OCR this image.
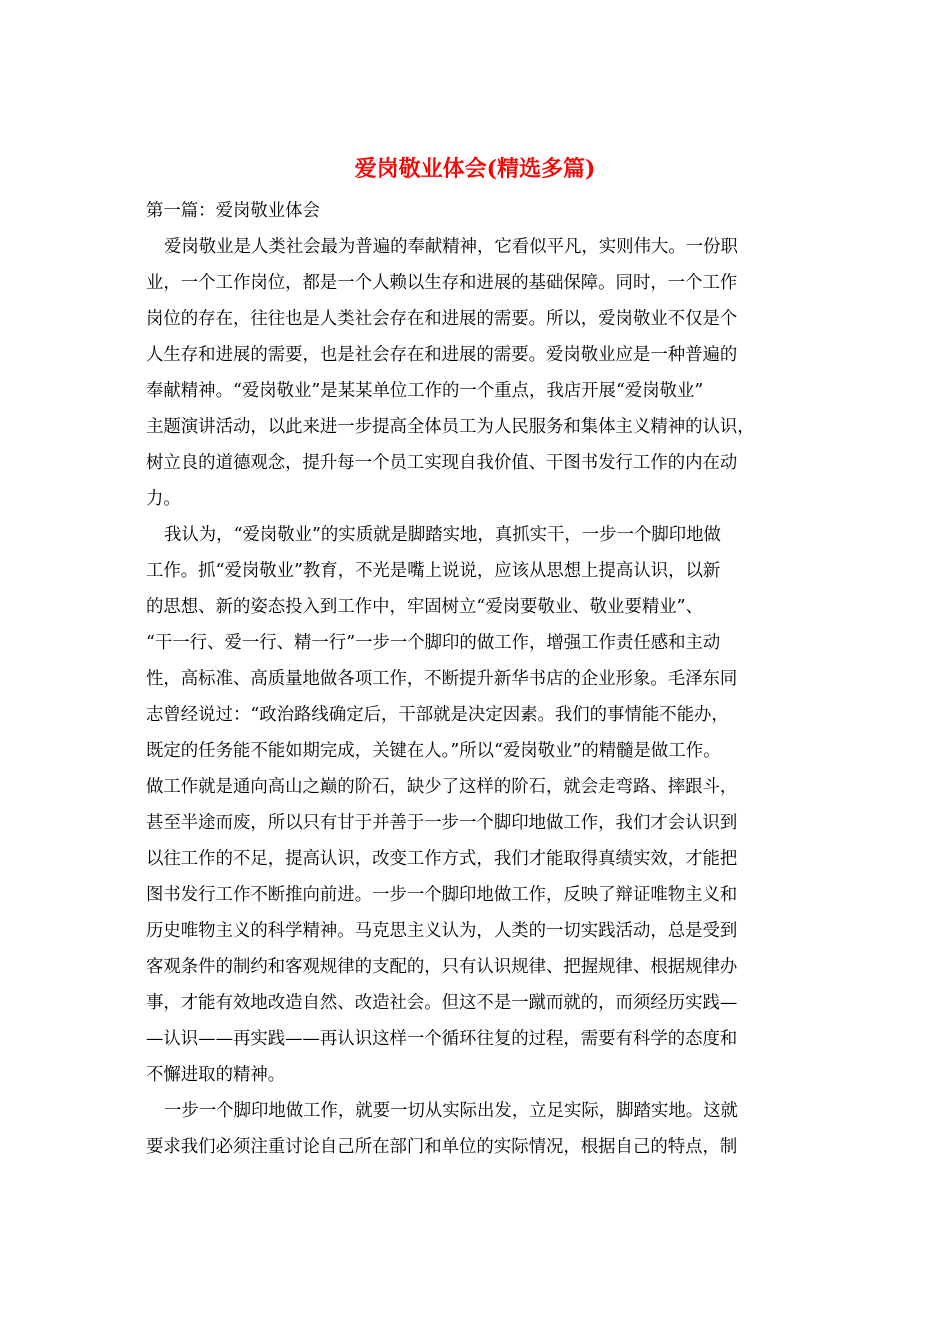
爱岗敬业体会(精选多篇)
第一篇：爱岗敬业体会
爱岗敬业是人类社会最为普遍的奉献精神，它看似平凡，实则伟大。一份职
业，一个工作岗位，都是一个人赖以生存和进展的基础保障。同时，一个工作
岗位的存在，往往也是人类社会存在和进展的需要。所以，爱岗敬业不仅是个
人生存和进展的需要，也是社会存在和进展的需要。爱岗敬业应是一种普遍的
奉献精神。“爱岗敬业”是某某单位工作的一个重点，我店开展“爱岗敬业”
主题演讲活动，以此来进一步提高全体员工为人民服务和集体主义精神的认识，
树立良的道德观念，提升每一个员工实现自我价值、干图书发行工作的内在动
力。
我认为，“爱岗敬业”的实质就是脚踏实地，真抓实干，一步一个脚印地做
工作。抓“爱岗敬业”教育，不光是嘴上说说，应该从思想上提高认识，以新
的思想、新的姿态投入到工作中，牢固树立“爱岗要敬业、敬业要精业”、
“干一行、爱一行、精一行”一步一个脚印的做工作，增强工作责任感和主动
性，高标准、高质量地做各项工作，不断提升新华书店的企业形象。毛泽东同
志曾经说过：“政治路线确定后，干部就是决定因素。我们的事情能不能办，
既定的任务能不能如期完成，关键在人。”所以“爱岗敬业”的精髓是做工作。
做工作就是通向高山之巅的阶石，缺少了这样的阶石，就会走弯路、摔跟斗，
甚至半途而废，所以只有甘于并善于一步一个脚印地做工作，我们才会认识到
以往工作的不足，提高认识，改变工作方式，我们才能取得真绩实效，才能把
图书发行工作不断推向前进。一步一个脚印地做工作，反映了辩证唯物主义和
历史唯物主义的科学精神。马克思主义认为，人类的一切实践活动，总是受到
客观条件的制约和客观规律的支配的，只有认识规律、把握规律、根据规律办
事，才能有效地改造自然、改造社会。但这不是一蹴而就的，而须经历实践—
—认识——再实践——再认识这样一个循环往复的过程，需要有科学的态度和
不懈进取的精神。
一步一个脚印地做工作，就要一切从实际出发，立足实际，脚踏实地。这就
要求我们必须注重讨论自己所在部门和单位的实际情况，根据自己的特点，制
